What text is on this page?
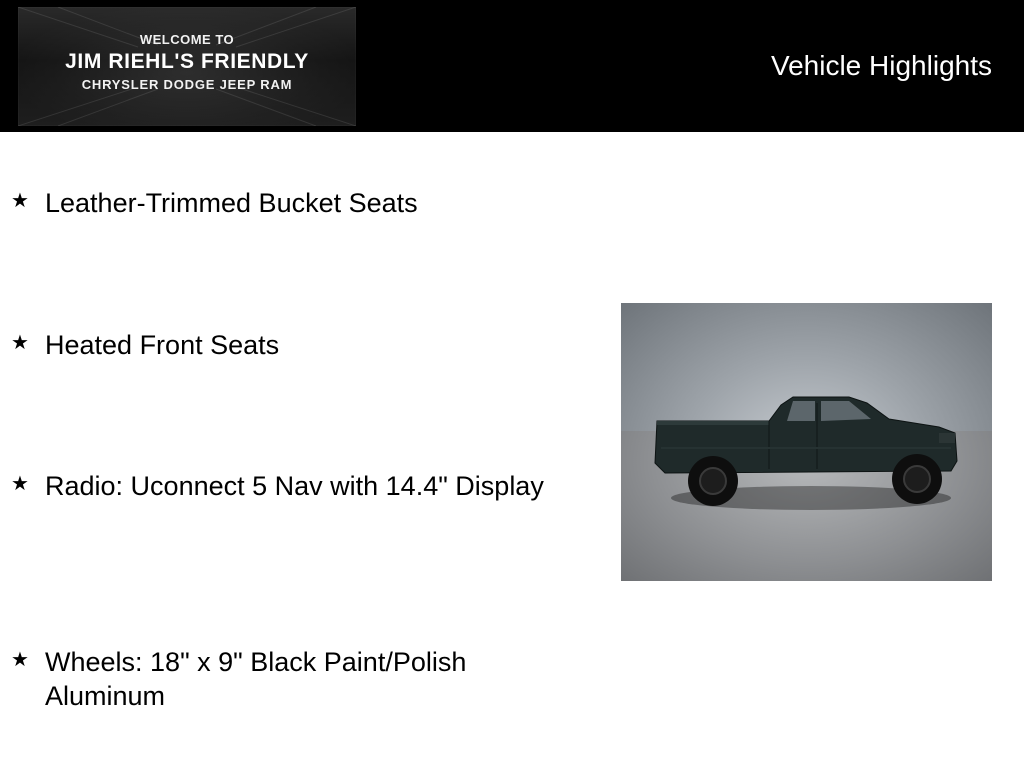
WELCOME TO
JIM RIEHL'S FRIENDLY
CHRYSLER DODGE JEEP RAM
Vehicle Highlights
★ Leather-Trimmed Bucket Seats
★ Heated Front Seats
★ Radio: Uconnect 5 Nav with 14.4" Display
★ Wheels: 18" x 9" Black Paint/Polish Aluminum
